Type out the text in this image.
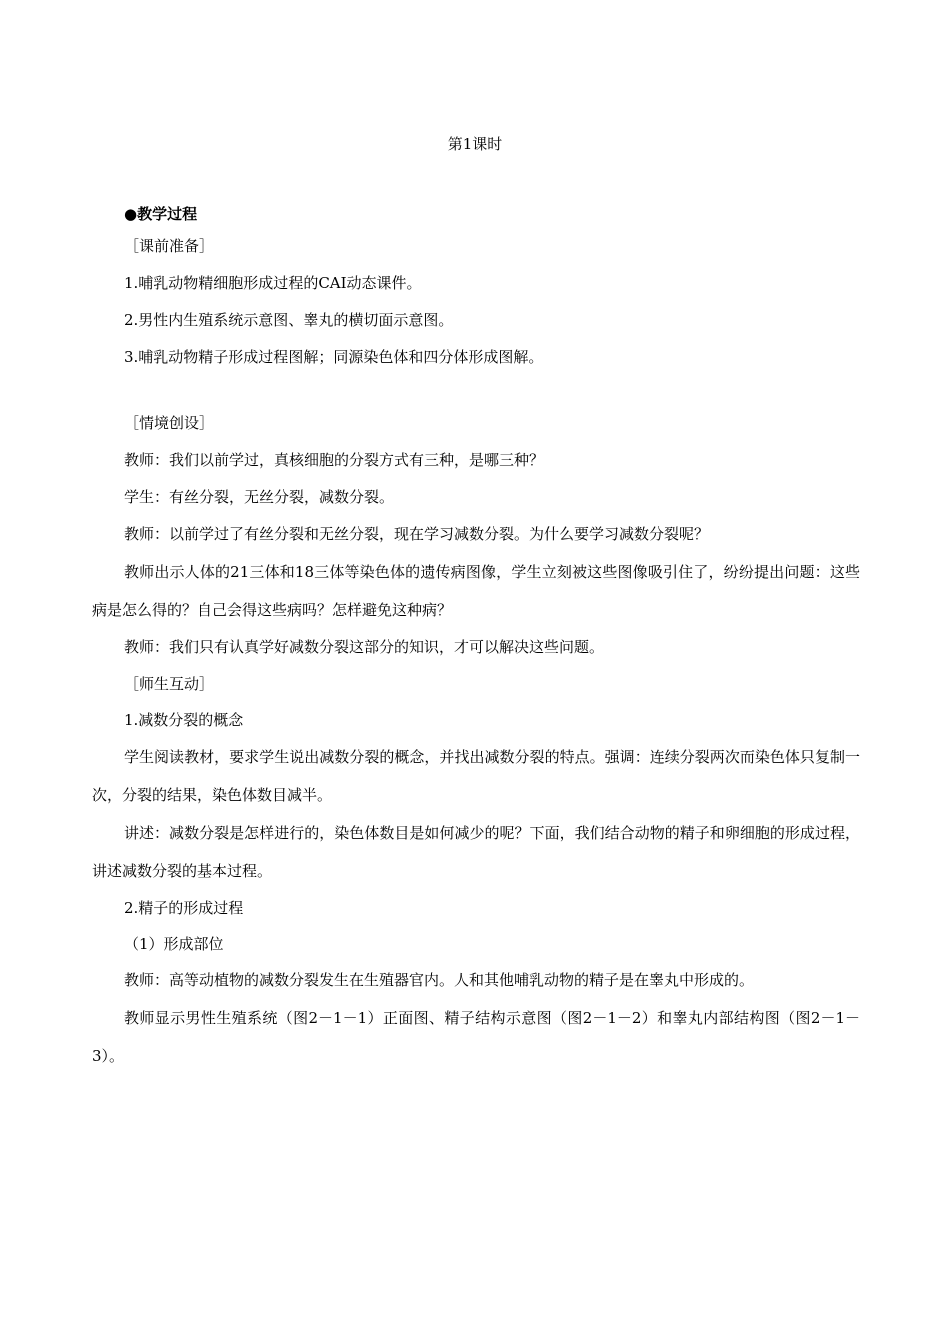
第1课时

●教学过程

［课前准备］

1.哺乳动物精细胞形成过程的CAI动态课件。

2.男性内生殖系统示意图、睾丸的横切面示意图。

3.哺乳动物精子形成过程图解；同源染色体和四分体形成图解。

［情境创设］

教师：我们以前学过，真核细胞的分裂方式有三种，是哪三种？

学生：有丝分裂，无丝分裂，减数分裂。

教师：以前学过了有丝分裂和无丝分裂，现在学习减数分裂。为什么要学习减数分裂呢？

教师出示人体的21三体和18三体等染色体的遗传病图像，学生立刻被这些图像吸引住了，纷纷提出问题：这些病是怎么得的？自己会得这些病吗？怎样避免这种病？

教师：我们只有认真学好减数分裂这部分的知识，才可以解决这些问题。

［师生互动］

1.减数分裂的概念

学生阅读教材，要求学生说出减数分裂的概念，并找出减数分裂的特点。强调：连续分裂两次而染色体只复制一次，分裂的结果，染色体数目减半。

讲述：减数分裂是怎样进行的，染色体数目是如何减少的呢？下面，我们结合动物的精子和卵细胞的形成过程，讲述减数分裂的基本过程。

2.精子的形成过程

（1）形成部位

教师：高等动植物的减数分裂发生在生殖器官内。人和其他哺乳动物的精子是在睾丸中形成的。

教师显示男性生殖系统（图2－1－1）正面图、精子结构示意图（图2－1－2）和睾丸内部结构图（图2－1－3）。
